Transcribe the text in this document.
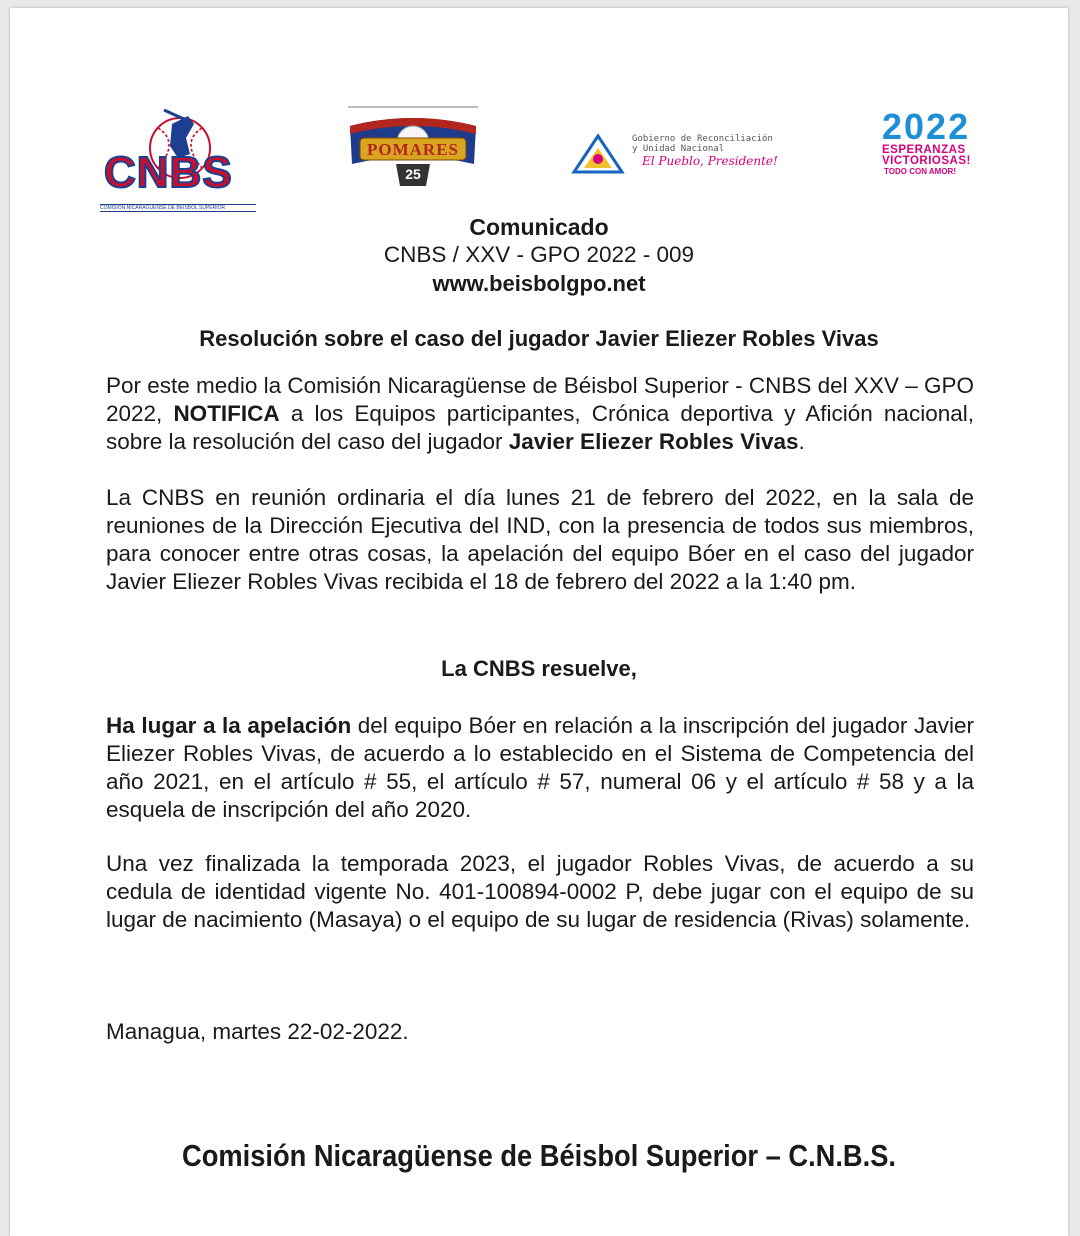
CNBS
COMISIÓN NICARAGÜENSE DE BÉISBOL SUPERIOR
POMARES
25
Gobierno de Reconciliación
y Unidad Nacional
El Pueblo, Presidente!
2022
ESPERANZAS
VICTORIOSAS!
TODO CON AMOR!
Comunicado
CNBS / XXV - GPO 2022 - 009
www.beisbolgpo.net
Resolución sobre el caso del jugador Javier Eliezer Robles Vivas
Por este medio la Comisión Nicaragüense de Béisbol Superior - CNBS del XXV – GPO 2022, NOTIFICA a los Equipos participantes, Crónica deportiva y Afición nacional, sobre la resolución del caso del jugador Javier Eliezer Robles Vivas.
La CNBS en reunión ordinaria el día lunes 21 de febrero del 2022, en la sala de reuniones de la Dirección Ejecutiva del IND, con la presencia de todos sus miembros, para conocer entre otras cosas, la apelación del equipo Bóer en el caso del jugador Javier Eliezer Robles Vivas recibida el 18 de febrero del 2022 a la 1:40 pm.
La CNBS resuelve,
Ha lugar a la apelación del equipo Bóer en relación a la inscripción del jugador Javier Eliezer Robles Vivas, de acuerdo a lo establecido en el Sistema de Competencia del año 2021, en el artículo # 55, el artículo # 57, numeral 06 y el artículo # 58 y a la esquela de inscripción del año 2020.
Una vez finalizada la temporada 2023, el jugador Robles Vivas, de acuerdo a su cedula de identidad vigente No. 401-100894-0002 P, debe jugar con el equipo de su lugar de nacimiento (Masaya) o el equipo de su lugar de residencia (Rivas) solamente.
Managua, martes 22-02-2022.
Comisión Nicaragüense de Béisbol Superior – C.N.B.S.
